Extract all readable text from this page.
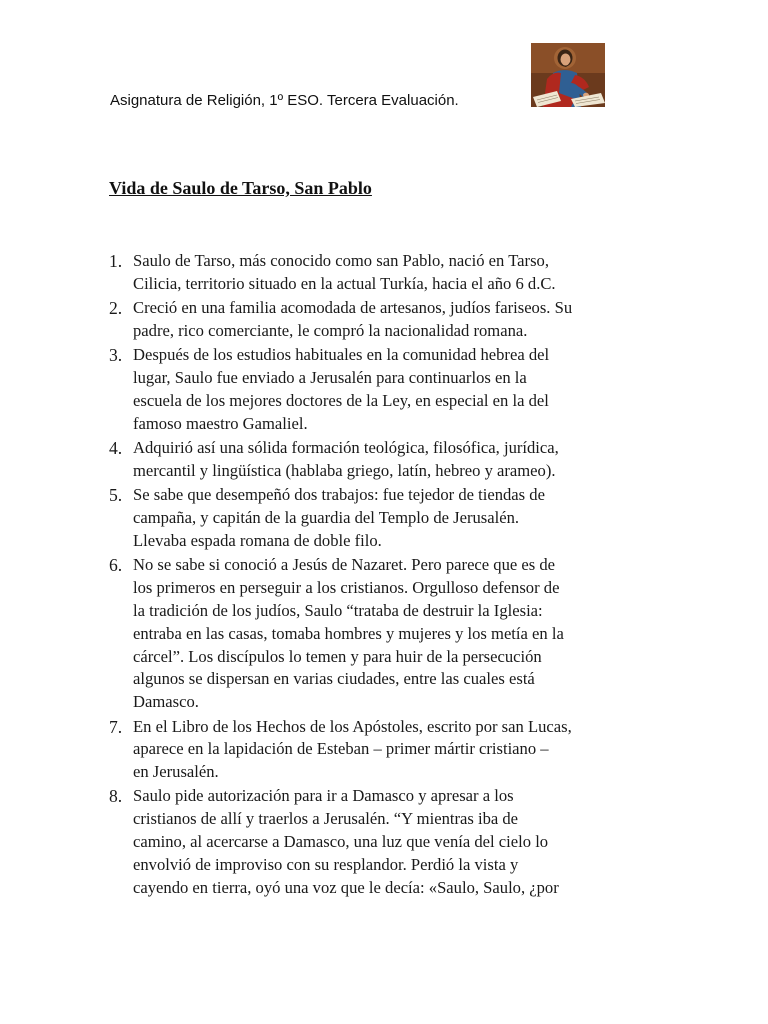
Asignatura de Religión, 1º ESO. Tercera Evaluación.
Vida de Saulo de Tarso, San Pablo
1. Saulo de Tarso, más conocido como san Pablo, nació en Tarso,
Cilicia, territorio situado en la actual Turkía, hacia el año 6 d.C.
2. Creció en una familia acomodada de artesanos, judíos fariseos. Su
padre, rico comerciante, le compró la nacionalidad romana.
3. Después de los estudios habituales en la comunidad hebrea del
lugar, Saulo fue enviado a Jerusalén para continuarlos en la
escuela de los mejores doctores de la Ley, en especial en la del
famoso maestro Gamaliel.
4. Adquirió así una sólida formación teológica, filosófica, jurídica,
mercantil y lingüística (hablaba griego, latín, hebreo y arameo).
5. Se sabe que desempeñó dos trabajos: fue tejedor de tiendas de
campaña, y capitán de la guardia del Templo de Jerusalén.
Llevaba espada romana de doble filo.
6. No se sabe si conoció a Jesús de Nazaret. Pero parece que es de
los primeros en perseguir a los cristianos. Orgulloso defensor de
la tradición de los judíos, Saulo “trataba de destruir la Iglesia:
entraba en las casas, tomaba hombres y mujeres y los metía en la
cárcel”. Los discípulos lo temen y para huir de la persecución
algunos se dispersan en varias ciudades, entre las cuales está
Damasco.
7. En el Libro de los Hechos de los Apóstoles, escrito por san Lucas,
aparece en la lapidación de Esteban – primer mártir cristiano –
en Jerusalén.
8. Saulo pide autorización para ir a Damasco y apresar a los
cristianos de allí y traerlos a Jerusalén. “Y mientras iba de
camino, al acercarse a Damasco, una luz que venía del cielo lo
envolvió de improviso con su resplandor. Perdió la vista y
cayendo en tierra, oyó una voz que le decía: «Saulo, Saulo, ¿por
